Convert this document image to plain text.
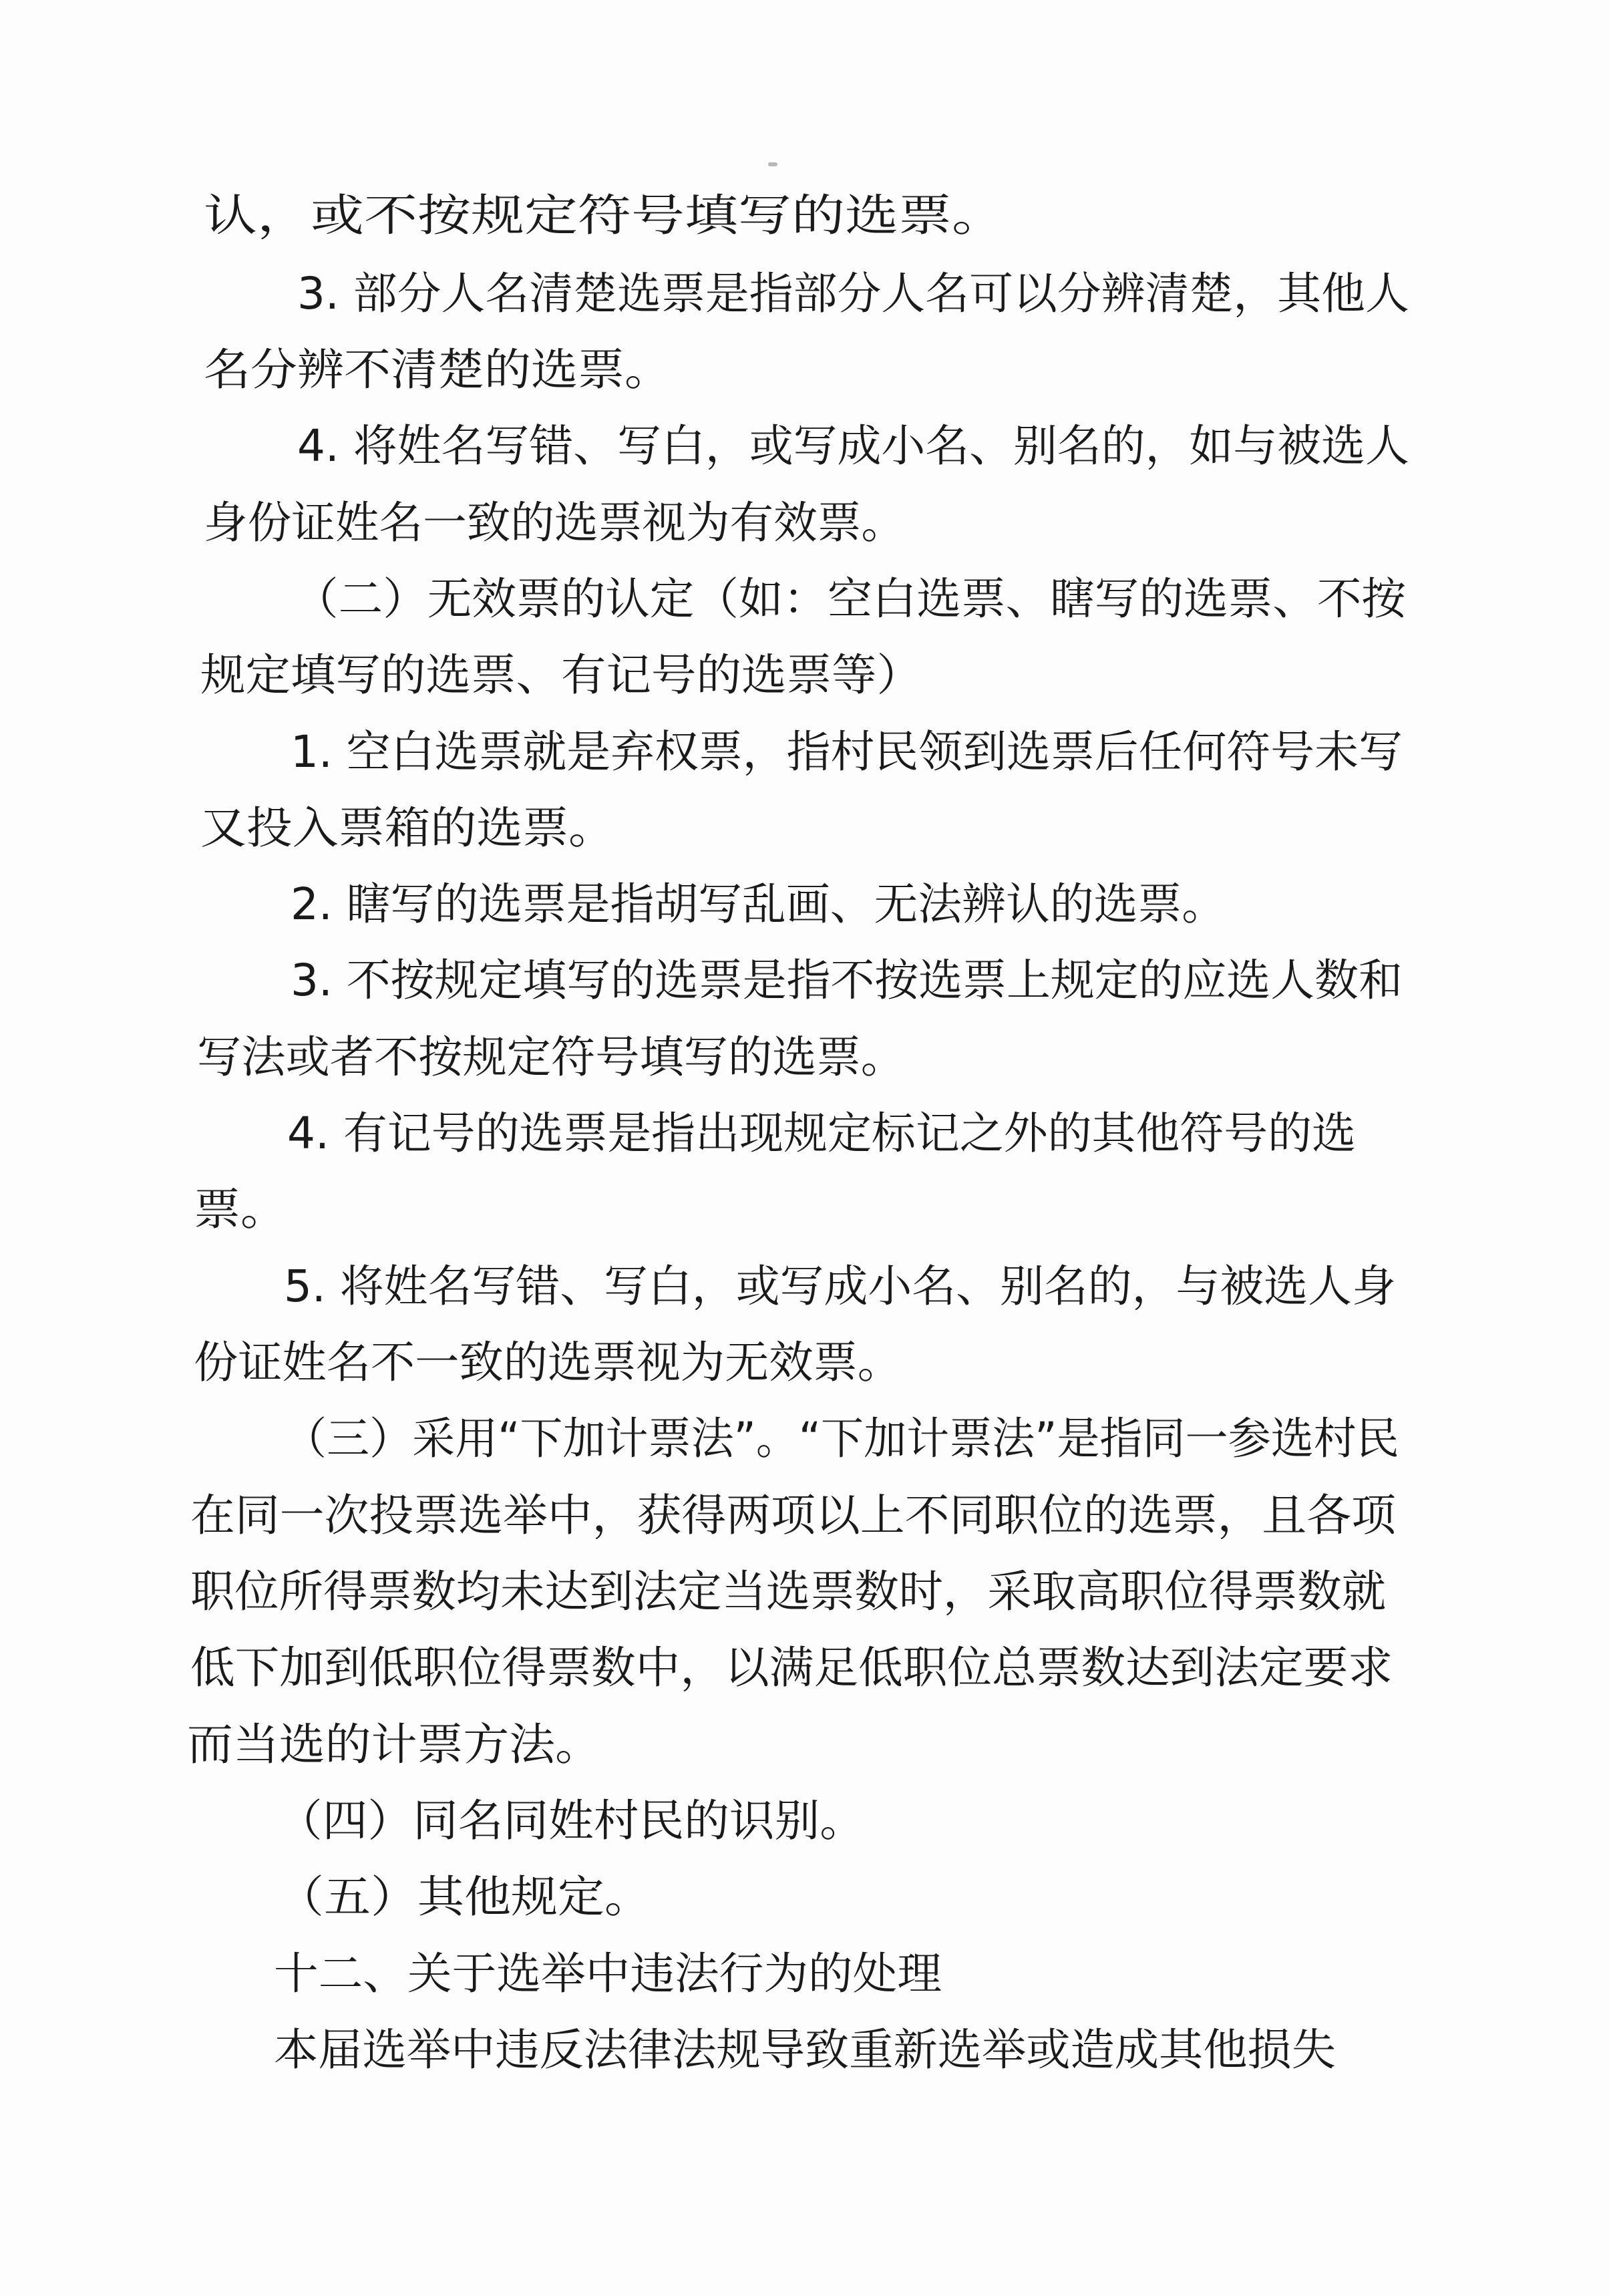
认，或不按规定符号填写的选票。
3. 部分人名清楚选票是指部分人名可以分辨清楚，其他人
名分辨不清楚的选票。
4. 将姓名写错、写白，或写成小名、别名的，如与被选人
身份证姓名一致的选票视为有效票。
（二）无效票的认定（如：空白选票、瞎写的选票、不按
规定填写的选票、有记号的选票等）
1. 空白选票就是弃权票，指村民领到选票后任何符号未写
又投入票箱的选票。
2. 瞎写的选票是指胡写乱画、无法辨认的选票。
3. 不按规定填写的选票是指不按选票上规定的应选人数和
写法或者不按规定符号填写的选票。
4. 有记号的选票是指出现规定标记之外的其他符号的选
票。
5. 将姓名写错、写白，或写成小名、别名的，与被选人身
份证姓名不一致的选票视为无效票。
（三）采用“下加计票法”。“下加计票法”是指同一参选村民
在同一次投票选举中，获得两项以上不同职位的选票，且各项
职位所得票数均未达到法定当选票数时，采取高职位得票数就
低下加到低职位得票数中，以满足低职位总票数达到法定要求
而当选的计票方法。
（四）同名同姓村民的识别。
（五）其他规定。
十二、关于选举中违法行为的处理
本届选举中违反法律法规导致重新选举或造成其他损失
